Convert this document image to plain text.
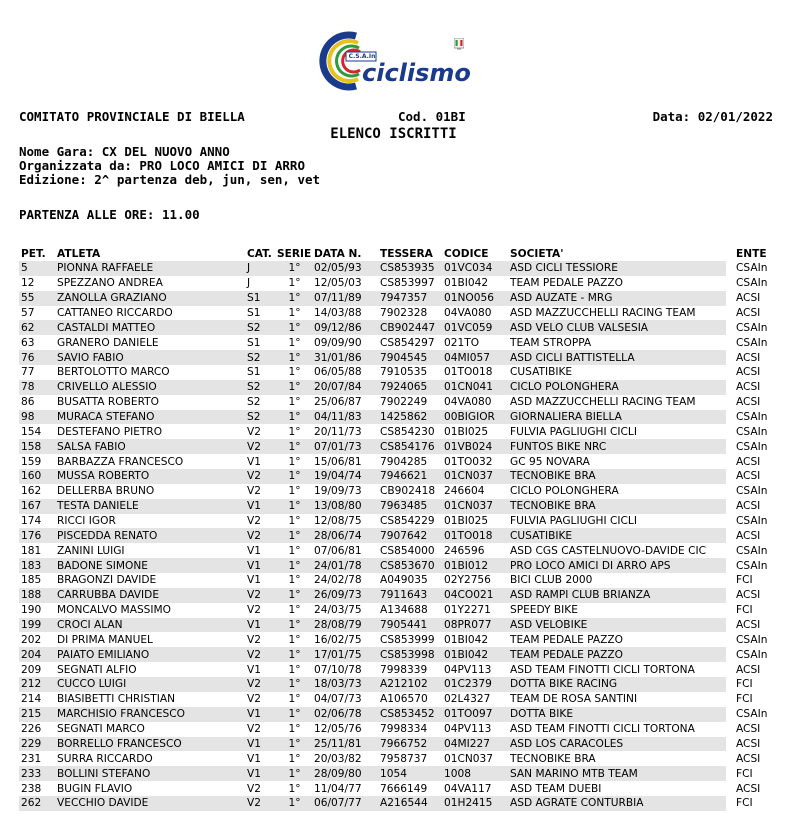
C.S.A.In
ciclismo
COMITATO PROVINCIALE DI BIELLA	Cod. 01BI	Data: 02/01/2022
ELENCO ISCRITTI
Nome Gara: CX DEL NUOVO ANNO
Organizzata da: PRO LOCO AMICI DI ARRO
Edizione: 2^ partenza deb, jun, sen, vet
PARTENZA ALLE ORE: 11.00
PET.	ATLETA	CAT.	SERIE	DATA N.	TESSERA	CODICE	SOCIETA'		ENTE
5	PIONNA RAFFAELE	J	1°	02/05/93	CS853935	01VC034	ASD CICLI TESSIORE		CSAIn
12	SPEZZANO ANDREA	J	1°	12/05/03	CS853997	01BI042	TEAM PEDALE PAZZO		CSAIn
55	ZANOLLA GRAZIANO	S1	1°	07/11/89	7947357	01NO056	ASD AUZATE - MRG		ACSI
57	CATTANEO RICCARDO	S1	1°	14/03/88	7902328	04VA080	ASD MAZZUCCHELLI RACING TEAM		ACSI
62	CASTALDI MATTEO	S2	1°	09/12/86	CB902447	01VC059	ASD VELO CLUB VALSESIA		CSAIn
63	GRANERO DANIELE	S1	1°	09/09/90	CS854297	021TO	TEAM STROPPA		CSAIn
76	SAVIO FABIO	S2	1°	31/01/86	7904545	04MI057	ASD CICLI BATTISTELLA		ACSI
77	BERTOLOTTO MARCO	S1	1°	06/05/88	7910535	01TO018	CUSATIBIKE		ACSI
78	CRIVELLO ALESSIO	S2	1°	20/07/84	7924065	01CN041	CICLO POLONGHERA		ACSI
86	BUSATTA ROBERTO	S2	1°	25/06/87	7902249	04VA080	ASD MAZZUCCHELLI RACING TEAM		ACSI
98	MURACA STEFANO	S2	1°	04/11/83	1425862	00BIGIOR	GIORNALIERA BIELLA		CSAIn
154	DESTEFANO PIETRO	V2	1°	20/11/73	CS854230	01BI025	FULVIA PAGLIUGHI CICLI		CSAIn
158	SALSA FABIO	V2	1°	07/01/73	CS854176	01VB024	FUNTOS BIKE NRC		CSAIn
159	BARBAZZA FRANCESCO	V1	1°	15/06/81	7904285	01TO032	GC 95 NOVARA		ACSI
160	MUSSA ROBERTO	V2	1°	19/04/74	7946621	01CN037	TECNOBIKE BRA		ACSI
162	DELLERBA BRUNO	V2	1°	19/09/73	CB902418	246604	CICLO POLONGHERA		CSAIn
167	TESTA DANIELE	V1	1°	13/08/80	7963485	01CN037	TECNOBIKE BRA		ACSI
174	RICCI IGOR	V2	1°	12/08/75	CS854229	01BI025	FULVIA PAGLIUGHI CICLI		CSAIn
176	PISCEDDA RENATO	V2	1°	28/06/74	7907642	01TO018	CUSATIBIKE		ACSI
181	ZANINI LUIGI	V1	1°	07/06/81	CS854000	246596	ASD CGS CASTELNUOVO-DAVIDE CIC		CSAIn
183	BADONE SIMONE	V1	1°	24/01/78	CS853670	01BI012	PRO LOCO AMICI DI ARRO APS		CSAIn
185	BRAGONZI DAVIDE	V1	1°	24/02/78	A049035	02Y2756	BICI CLUB 2000		FCI
188	CARRUBBA DAVIDE	V2	1°	26/09/73	7911643	04CO021	ASD RAMPI CLUB BRIANZA		ACSI
190	MONCALVO MASSIMO	V2	1°	24/03/75	A134688	01Y2271	SPEEDY BIKE		FCI
199	CROCI ALAN	V1	1°	28/08/79	7905441	08PR077	ASD VELOBIKE		ACSI
202	DI PRIMA MANUEL	V2	1°	16/02/75	CS853999	01BI042	TEAM PEDALE PAZZO		CSAIn
204	PAIATO EMILIANO	V2	1°	17/01/75	CS853998	01BI042	TEAM PEDALE PAZZO		CSAIn
209	SEGNATI ALFIO	V1	1°	07/10/78	7998339	04PV113	ASD TEAM FINOTTI CICLI TORTONA		ACSI
212	CUCCO LUIGI	V2	1°	18/03/73	A212102	01C2379	DOTTA BIKE RACING		FCI
214	BIASIBETTI CHRISTIAN	V2	1°	04/07/73	A106570	02L4327	TEAM DE ROSA SANTINI		FCI
215	MARCHISIO FRANCESCO	V1	1°	02/06/78	CS853452	01TO097	DOTTA BIKE		CSAIn
226	SEGNATI MARCO	V2	1°	12/05/76	7998334	04PV113	ASD TEAM FINOTTI CICLI TORTONA		ACSI
229	BORRELLO FRANCESCO	V1	1°	25/11/81	7966752	04MI227	ASD LOS CARACOLES		ACSI
231	SURRA RICCARDO	V1	1°	20/03/82	7958737	01CN037	TECNOBIKE BRA		ACSI
233	BOLLINI STEFANO	V1	1°	28/09/80	1054	1008	SAN MARINO MTB TEAM		FCI
238	BUGIN FLAVIO	V2	1°	11/04/77	7666149	04VA117	ASD TEAM DUEBI		ACSI
262	VECCHIO DAVIDE	V2	1°	06/07/77	A216544	01H2415	ASD AGRATE CONTURBIA		FCI
